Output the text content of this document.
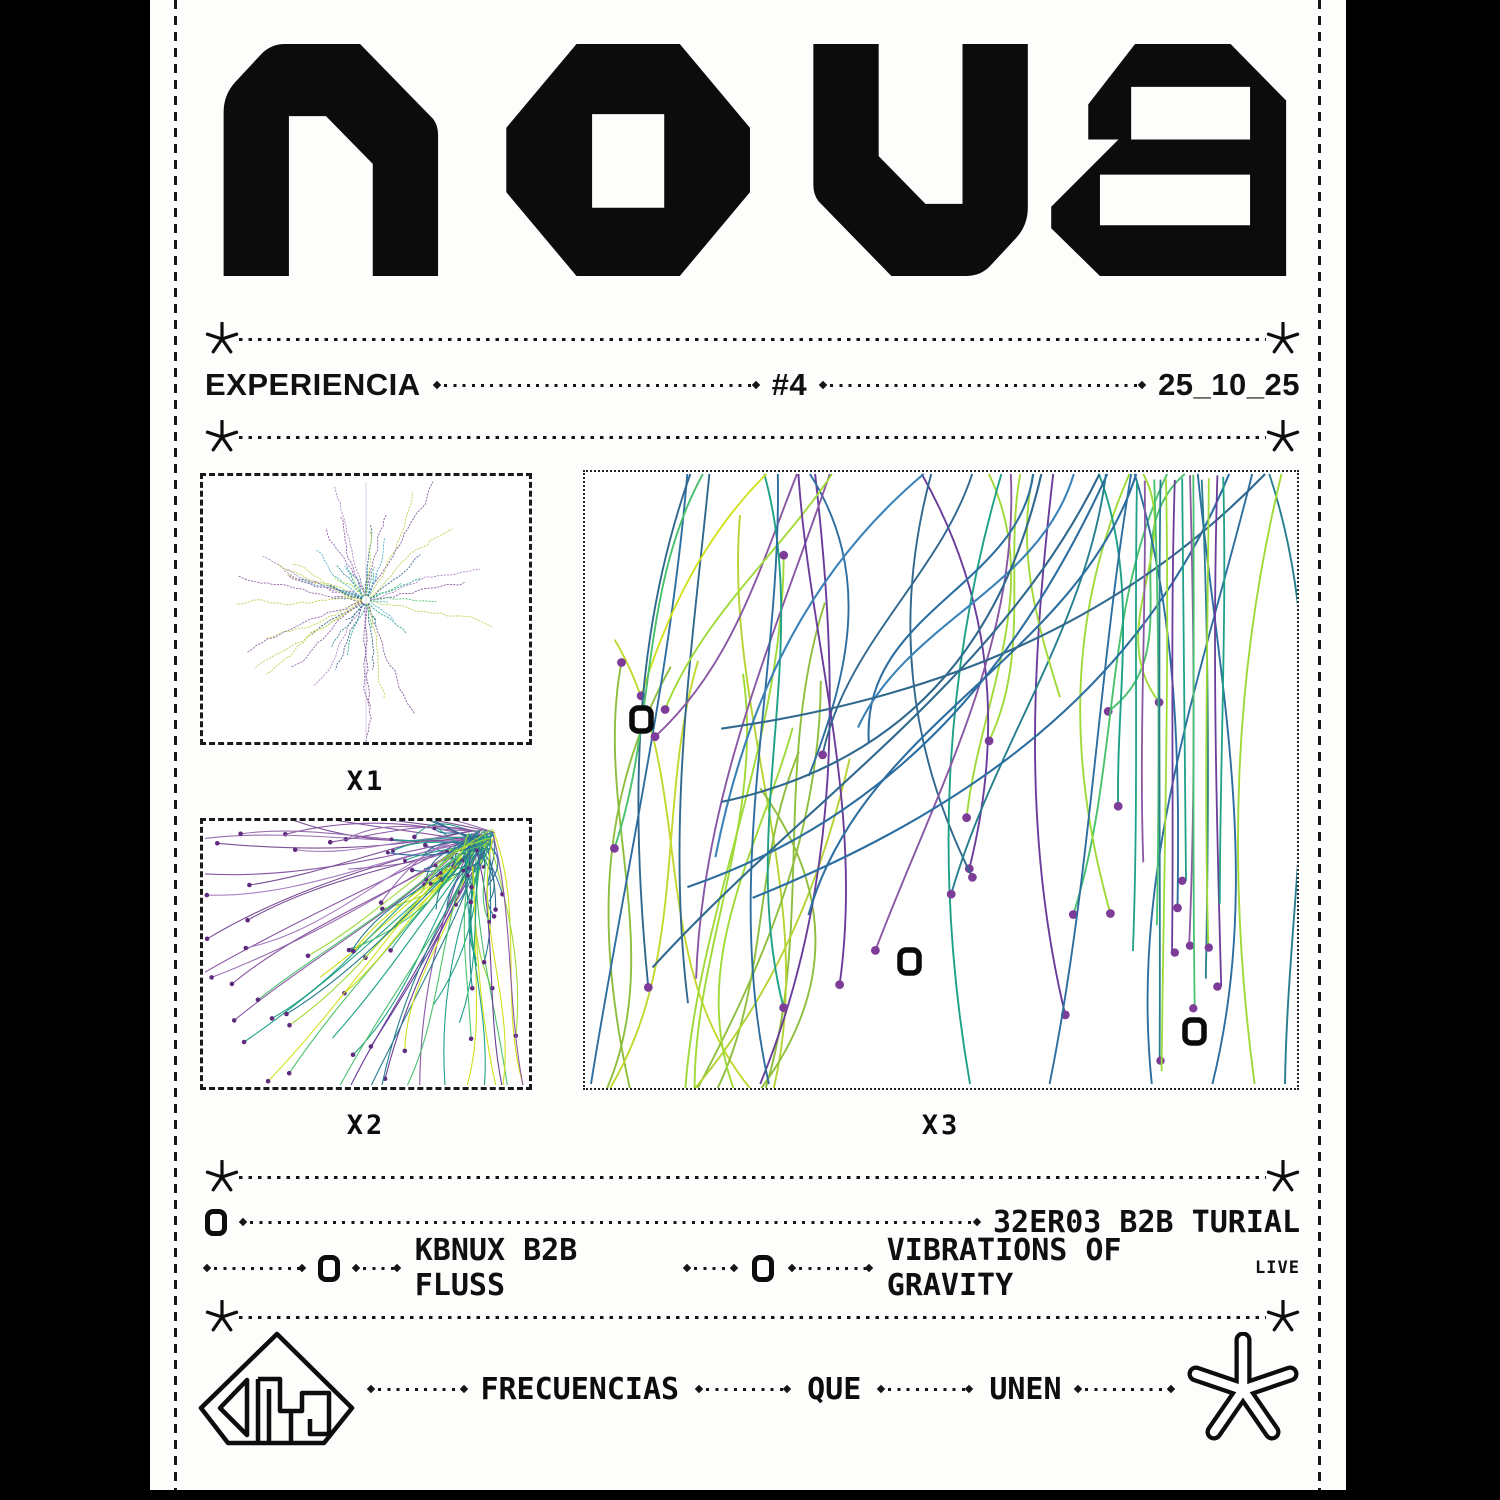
EXPERIENCIA	#4	25_10_25
X1
X2	X3
32ER03 B2B TURIAL
KBNUX B2B FLUSS
VIBRATIONS OF GRAVITY	LIVE
FRECUENCIAS	QUE	UNEN
